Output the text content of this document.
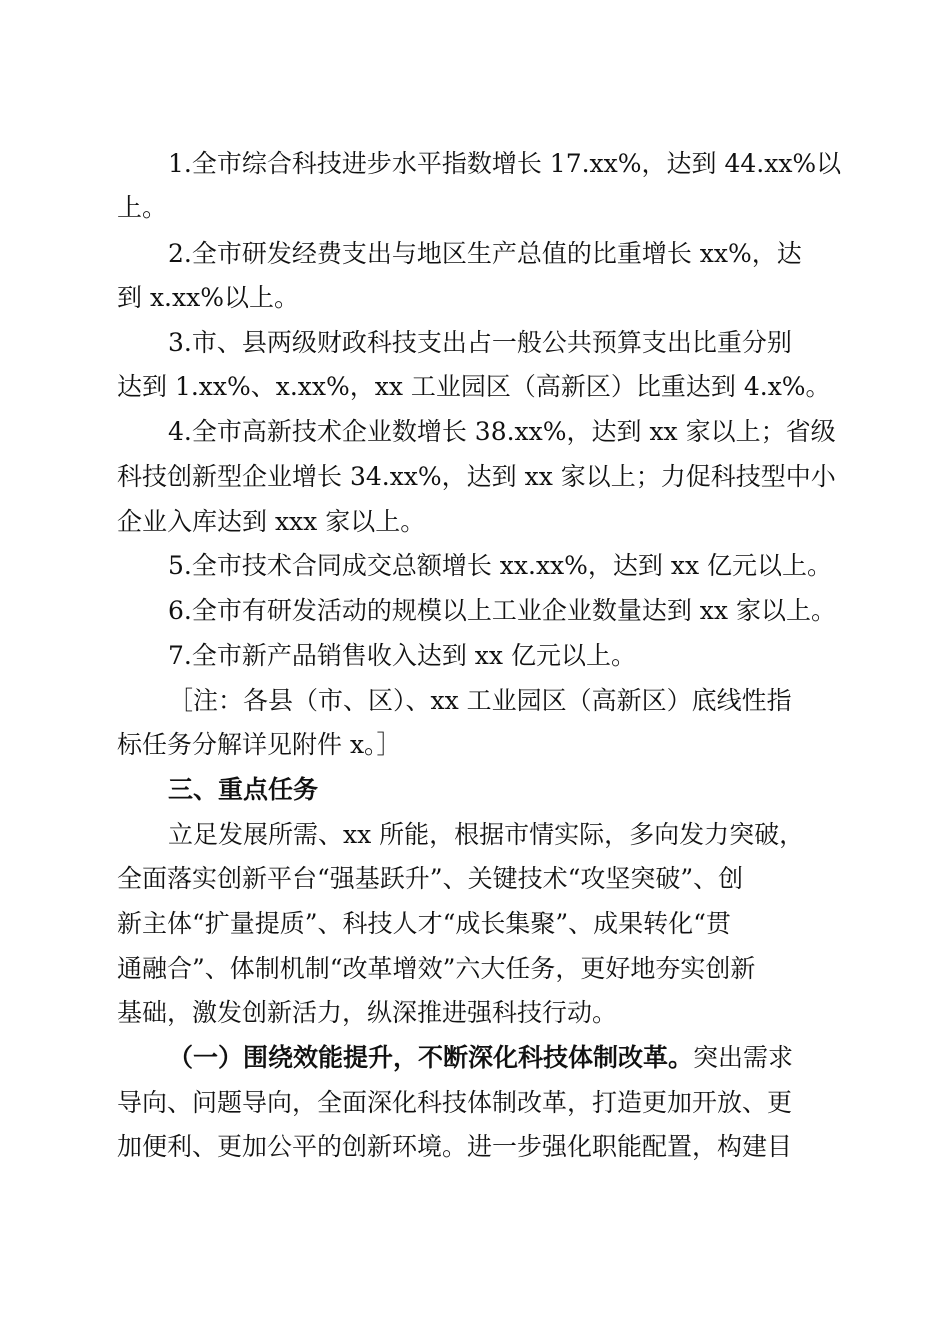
1.全市综合科技进步水平指数增长 17.xx%，达到 44.xx%以
上。
2.全市研发经费支出与地区生产总值的比重增长 xx%，达
到 x.xx%以上。
3.市、县两级财政科技支出占一般公共预算支出比重分别
达到 1.xx%、x.xx%，xx 工业园区（高新区）比重达到 4.x%。
4.全市高新技术企业数增长 38.xx%，达到 xx 家以上；省级
科技创新型企业增长 34.xx%，达到 xx 家以上；力促科技型中小
企业入库达到 xxx 家以上。
5.全市技术合同成交总额增长 xx.xx%，达到 xx 亿元以上。
6.全市有研发活动的规模以上工业企业数量达到 xx 家以上。
7.全市新产品销售收入达到 xx 亿元以上。
［注：各县（市、区）、xx 工业园区（高新区）底线性指
标任务分解详见附件 x。］
三、重点任务
立足发展所需、xx 所能，根据市情实际，多向发力突破，
全面落实创新平台“强基跃升”、关键技术“攻坚突破”、创
新主体“扩量提质”、科技人才“成长集聚”、成果转化“贯
通融合”、体制机制“改革增效”六大任务，更好地夯实创新
基础，激发创新活力，纵深推进强科技行动。
（一）围绕效能提升，不断深化科技体制改革。突出需求
导向、问题导向，全面深化科技体制改革，打造更加开放、更
加便利、更加公平的创新环境。进一步强化职能配置，构建目
